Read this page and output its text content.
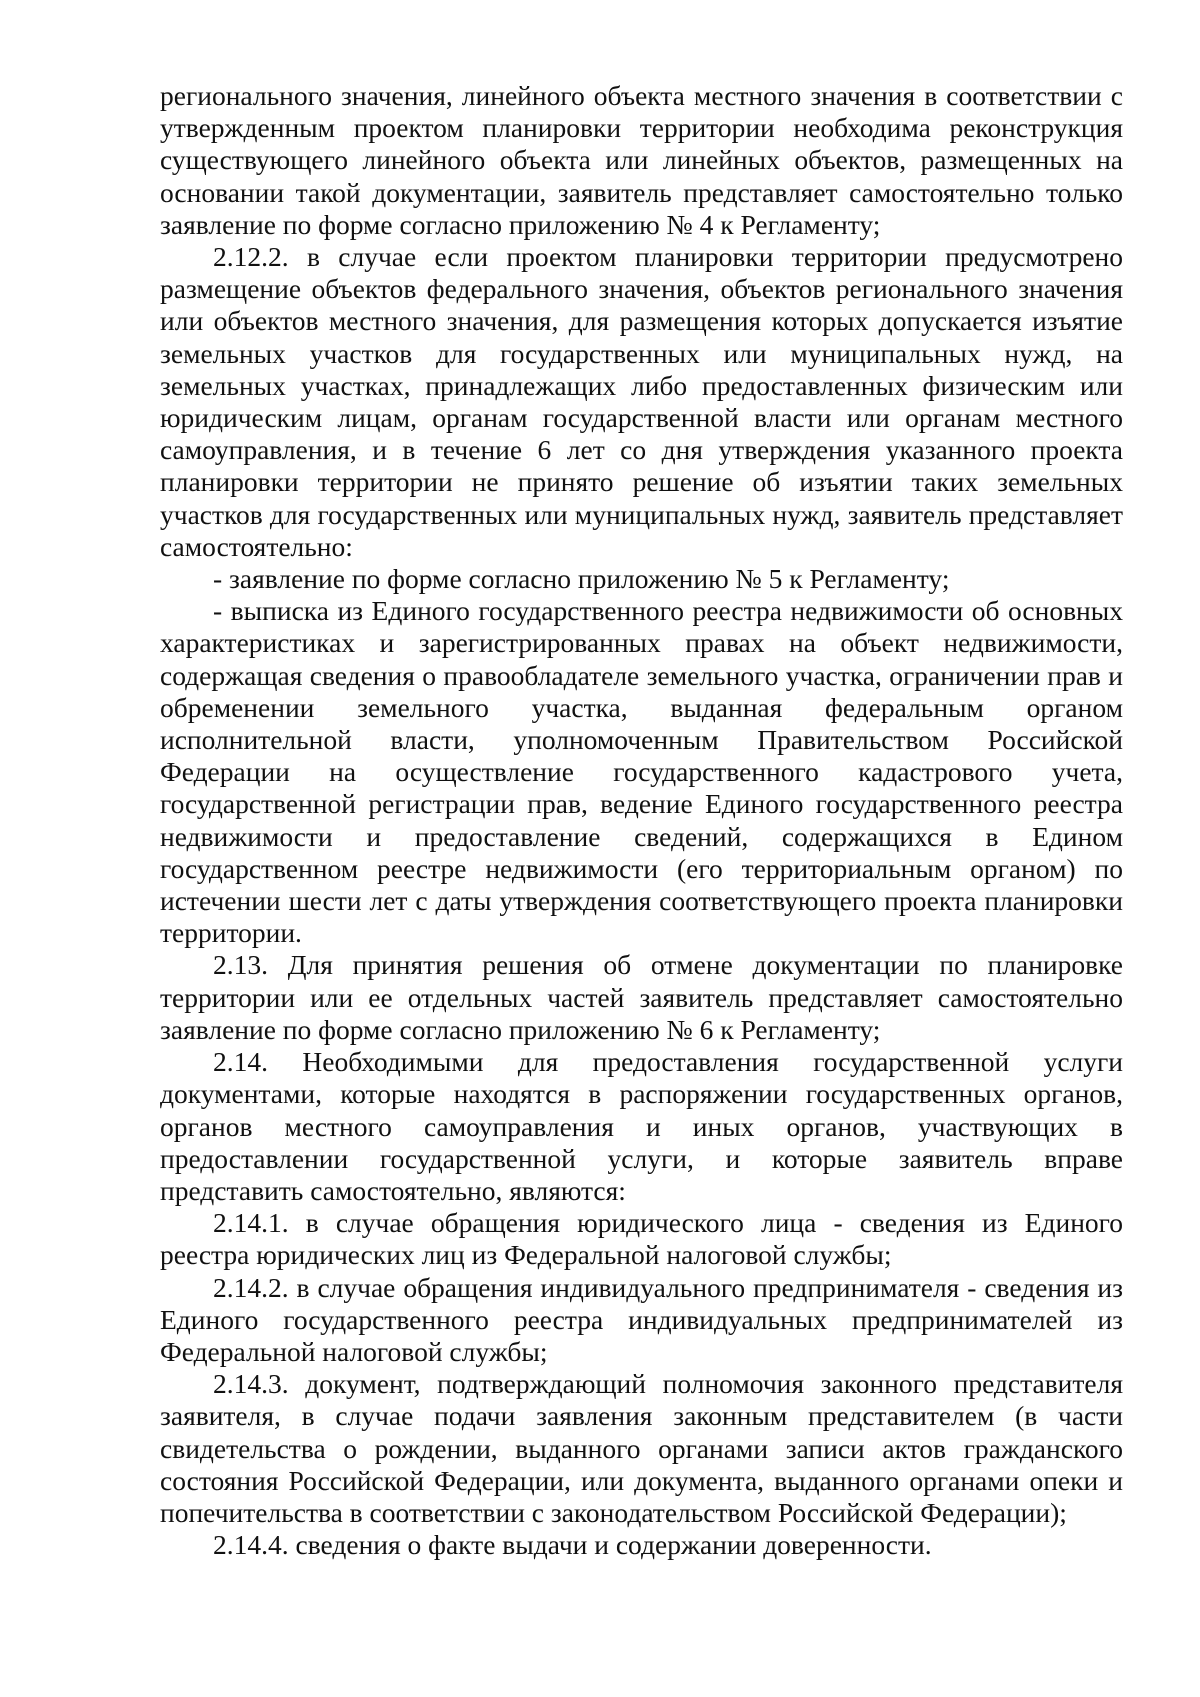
регионального значения, линейного объекта местного значения в соответствии с утвержденным проектом планировки территории необходима реконструкция существующего линейного объекта или линейных объектов, размещенных на основании такой документации, заявитель представляет самостоятельно только заявление по форме согласно приложению № 4 к Регламенту;

2.12.2. в случае если проектом планировки территории предусмотрено размещение объектов федерального значения, объектов регионального значения или объектов местного значения, для размещения которых допускается изъятие земельных участков для государственных или муниципальных нужд, на земельных участках, принадлежащих либо предоставленных физическим или юридическим лицам, органам государственной власти или органам местного самоуправления, и в течение 6 лет со дня утверждения указанного проекта планировки территории не принято решение об изъятии таких земельных участков для государственных или муниципальных нужд, заявитель представляет самостоятельно:

- заявление по форме согласно приложению № 5 к Регламенту;

- выписка из Единого государственного реестра недвижимости об основных характеристиках и зарегистрированных правах на объект недвижимости, содержащая сведения о правообладателе земельного участка, ограничении прав и обременении земельного участка, выданная федеральным органом исполнительной власти, уполномоченным Правительством Российской Федерации на осуществление государственного кадастрового учета, государственной регистрации прав, ведение Единого государственного реестра недвижимости и предоставление сведений, содержащихся в Едином государственном реестре недвижимости (его территориальным органом) по истечении шести лет с даты утверждения соответствующего проекта планировки территории.

2.13. Для принятия решения об отмене документации по планировке территории или ее отдельных частей заявитель представляет самостоятельно заявление по форме согласно приложению № 6 к Регламенту;

2.14. Необходимыми для предоставления государственной услуги документами, которые находятся в распоряжении государственных органов, органов местного самоуправления и иных органов, участвующих в предоставлении государственной услуги, и которые заявитель вправе представить самостоятельно, являются:

2.14.1. в случае обращения юридического лица - сведения из Единого реестра юридических лиц из Федеральной налоговой службы;

2.14.2. в случае обращения индивидуального предпринимателя - сведения из Единого государственного реестра индивидуальных предпринимателей из Федеральной налоговой службы;

2.14.3. документ, подтверждающий полномочия законного представителя заявителя, в случае подачи заявления законным представителем (в части свидетельства о рождении, выданного органами записи актов гражданского состояния Российской Федерации, или документа, выданного органами опеки и попечительства в соответствии с законодательством Российской Федерации);

2.14.4. сведения о факте выдачи и содержании доверенности.
